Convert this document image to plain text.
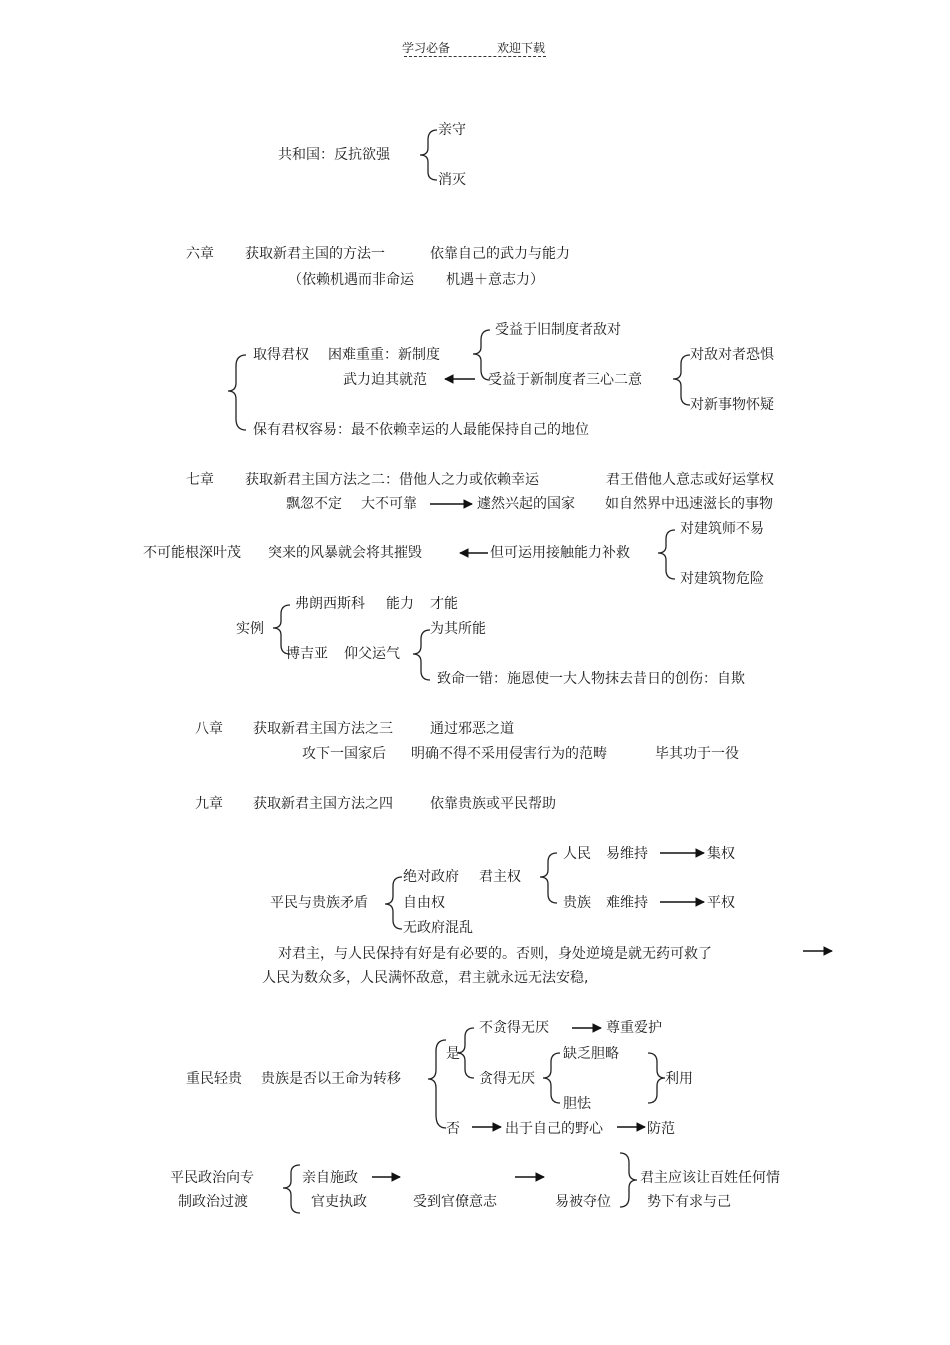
学习必备	欢迎下载
共和国：反抗欲强
亲守
消灭
六章 获取新君主国的方法一	依靠自己的武力与能力
（依赖机遇而非命运 机遇＋意志力）
取得君权 困难重重：新制度
武力迫其就范
受益于旧制度者敌对
受益于新制度者三心二意
对敌对者恐惧
对新事物怀疑
保有君权容易：最不依赖幸运的人最能保持自己的地位
七章 获取新君主国方法之二：借他人之力或依赖幸运	君王借他人意志或好运掌权
飘忽不定 大不可靠	遽然兴起的国家 如自然界中迅速滋长的事物
对建筑师不易
不可能根深叶茂 突来的风暴就会将其摧毁	但可运用接触能力补救
对建筑物危险
实例
弗朗西斯科 能力 才能
为其所能
博吉亚 仰父运气
致命一错：施恩使一大人物抹去昔日的创伤：自欺
八章 获取新君主国方法之三	通过邪恶之道
攻下一国家后 明确不得不采用侵害行为的范畴	毕其功于一役
九章 获取新君主国方法之四	依靠贵族或平民帮助
平民与贵族矛盾
绝对政府 君主权
自由权
无政府混乱
人民 易维持	集权
贵族 难维持	平权
对君主，与人民保持有好是有必要的。否则，身处逆境是就无药可救了
人民为数众多，人民满怀敌意，君主就永远无法安稳,
重民轻贵 贵族是否以王命为转移
是
不贪得无厌	尊重爱护
贪得无厌
缺乏胆略
胆怯
利用
否	出于自己的野心	防范
平民政治向专
制政治过渡
亲自施政
官吏执政	受到官僚意志	易被夺位
君主应该让百姓任何情
势下有求与己
